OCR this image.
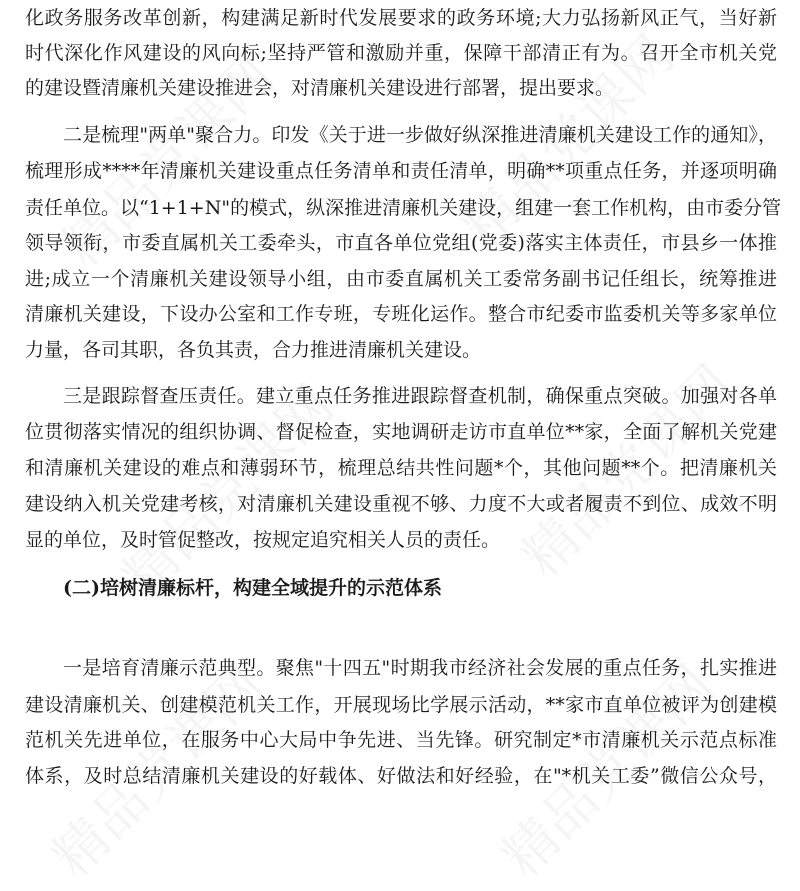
化政务服务改革创新，构建满足新时代发展要求的政务环境;大力弘扬新风正气，当好新
时代深化作风建设的风向标;坚持严管和激励并重，保障干部清正有为。召开全市机关党
的建设暨清廉机关建设推进会，对清廉机关建设进行部署，提出要求。
二是梳理"两单"聚合力。印发《关于进一步做好纵深推进清廉机关建设工作的通知》，
梳理形成****年清廉机关建设重点任务清单和责任清单，明确**项重点任务，并逐项明确
责任单位。以“1+1+N"的模式，纵深推进清廉机关建设，组建一套工作机构，由市委分管
领导领衔，市委直属机关工委牵头，市直各单位党组(党委)落实主体责任，市县乡一体推
进;成立一个清廉机关建设领导小组，由市委直属机关工委常务副书记任组长，统筹推进
清廉机关建设，下设办公室和工作专班，专班化运作。整合市纪委市监委机关等多家单位
力量，各司其职，各负其责，合力推进清廉机关建设。
三是跟踪督查压责任。建立重点任务推进跟踪督查机制，确保重点突破。加强对各单
位贯彻落实情况的组织协调、督促检查，实地调研走访市直单位**家，全面了解机关党建
和清廉机关建设的难点和薄弱环节，梳理总结共性问题*个，其他问题**个。把清廉机关
建设纳入机关党建考核，对清廉机关建设重视不够、力度不大或者履责不到位、成效不明
显的单位，及时管促整改，按规定追究相关人员的责任。
(二)培树清廉标杆，构建全域提升的示范体系
一是培育清廉示范典型。聚焦"十四五"时期我市经济社会发展的重点任务，扎实推进
建设清廉机关、创建模范机关工作，开展现场比学展示活动，**家市直单位被评为创建模
范机关先进单位，在服务中心大局中争先进、当先锋。研究制定*市清廉机关示范点标准
体系，及时总结清廉机关建设的好载体、好做法和好经验，在"*机关工委”微信公众号，
